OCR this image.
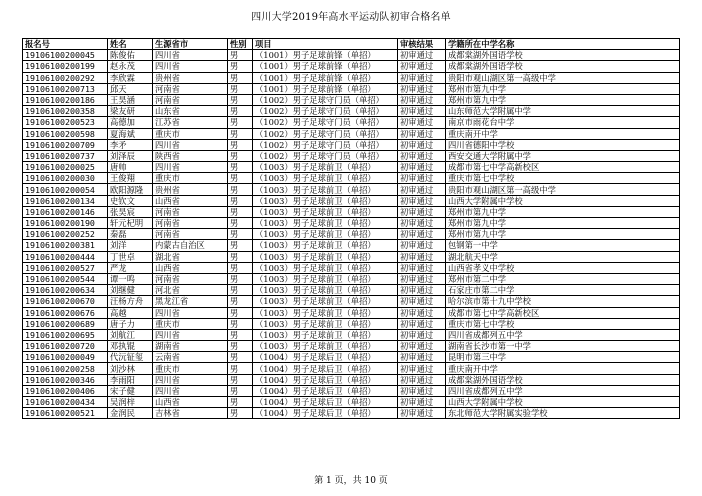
四川大学2019年高水平运动队初审合格名单
报名号	姓名	生源省市	性别	项目	审核结果	学籍所在中学名称
19106100200045	陈俊佑	四川省	男	（1001）男子足球前锋（单招）	初审通过	成都棠湖外国语学校
19106100200199	赵永茂	四川省	男	（1001）男子足球前锋（单招）	初审通过	成都棠湖外国语学校
19106100200292	李欣霖	贵州省	男	（1001）男子足球前锋（单招）	初审通过	贵阳市观山湖区第一高级中学
19106100200713	邱天	河南省	男	（1001）男子足球前锋（单招）	初审通过	郑州市第九中学
19106100200186	王昊涵	河南省	男	（1002）男子足球守门员（单招）	初审通过	郑州市第九中学
19106100200358	梁友研	山东省	男	（1002）男子足球守门员（单招）	初审通过	山东师范大学附属中学
19106100200523	高德加	江苏省	男	（1002）男子足球守门员（单招）	初审通过	南京市雨花台中学
19106100200598	夏海斌	重庆市	男	（1002）男子足球守门员（单招）	初审通过	重庆南开中学
19106100200709	李矛	四川省	男	（1002）男子足球守门员（单招）	初审通过	四川省德阳中学校
19106100200737	刘泽辰	陕西省	男	（1002）男子足球守门员（单招）	初审通过	西安交通大学附属中学
19106100200025	唐帅	四川省	男	（1003）男子足球前卫（单招）	初审通过	成都市第七中学高新校区
19106100200030	王俊翔	重庆市	男	（1003）男子足球前卫（单招）	初审通过	重庆市第七中学校
19106100200054	欧阳源隆	贵州省	男	（1003）男子足球前卫（单招）	初审通过	贵阳市观山湖区第一高级中学
19106100200134	史钦文	山西省	男	（1003）男子足球前卫（单招）	初审通过	山西大学附属中学校
19106100200146	张昊宸	河南省	男	（1003）男子足球前卫（单招）	初审通过	郑州市第九中学
19106100200190	轩元杞明	河南省	男	（1003）男子足球前卫（单招）	初审通过	郑州市第九中学
19106100200252	秦磊	河南省	男	（1003）男子足球前卫（单招）	初审通过	郑州市第九中学
19106100200381	刘洋	内蒙古自治区	男	（1003）男子足球前卫（单招）	初审通过	包钢第一中学
19106100200444	丁世卓	湖北省	男	（1003）男子足球前卫（单招）	初审通过	湖北航天中学
19106100200527	严龙	山西省	男	（1003）男子足球前卫（单招）	初审通过	山西省孝义中学校
19106100200544	谭一鸣	河南省	男	（1003）男子足球前卫（单招）	初审通过	郑州市第二中学
19106100200634	刘继健	河北省	男	（1003）男子足球前卫（单招）	初审通过	石家庄市第二中学
19106100200670	汪杨方舟	黑龙江省	男	（1003）男子足球前卫（单招）	初审通过	哈尔滨市第十九中学校
19106100200676	高越	四川省	男	（1003）男子足球前卫（单招）	初审通过	成都市第七中学高新校区
19106100200689	唐子力	重庆市	男	（1003）男子足球前卫（单招）	初审通过	重庆市第七中学校
19106100200695	刘航江	四川省	男	（1003）男子足球前卫（单招）	初审通过	四川省成都列五中学
19106100200720	邓执锟	湖南省	男	（1003）男子足球前卫（单招）	初审通过	湖南省长沙市第一中学
19106100200049	代沅钲玺	云南省	男	（1004）男子足球后卫（单招）	初审通过	昆明市第三中学
19106100200258	刘沙林	重庆市	男	（1004）男子足球后卫（单招）	初审通过	重庆南开中学
19106100200346	李雨阳	四川省	男	（1004）男子足球后卫（单招）	初审通过	成都棠湖外国语学校
19106100200406	宋子健	四川省	男	（1004）男子足球后卫（单招）	初审通过	四川省成都列五中学
19106100200434	吴润梓	山西省	男	（1004）男子足球后卫（单招）	初审通过	山西大学附属中学校
19106100200521	金润民	吉林省	男	（1004）男子足球后卫（单招）	初审通过	东北师范大学附属实验学校
第 1 页，共 10 页
